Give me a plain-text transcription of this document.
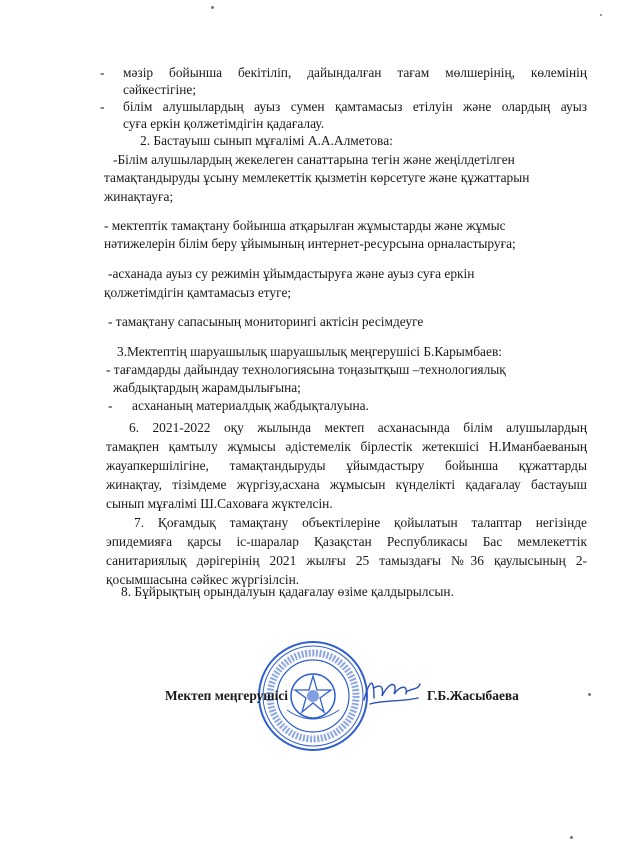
- мәзір бойынша бекітіліп, дайындалған тағам мөлшерінің, көлемінің
сәйкестігіне;
- білім алушылардың ауыз сумен қамтамасыз етілуін және олардың ауыз
суға еркін қолжетімдігін қадағалау.
2. Бастауыш сынып мұғалімі А.А.Алметова:
-Білім алушылардың жекелеген санаттарына тегін және жеңілдетілген
тамақтандыруды ұсыну мемлекеттік қызметін көрсетуге және құжаттарын
жинақтауға;
- мектептік тамақтану бойынша атқарылған жұмыстарды және жұмыс
нәтижелерін білім беру ұйымының интернет-ресурсына орналастыруға;
-асханада ауыз су режимін ұйымдастыруға және ауыз суға еркін
қолжетімдігін қамтамасыз етуге;
- тамақтану сапасының мониторингі актісін ресімдеуге
3.Мектептің шаруашылық шаруашылық меңгерушісі Б.Карымбаев:
- тағамдарды дайындау технологиясына тоңазытқыш –технологиялық
жабдықтардың жарамдылығына;
- асхананың материалдық жабдықталуына.
6. 2021-2022 оқу жылында мектеп асханасында білім алушылардың
тамақпен қамтылу жұмысы әдістемелік бірлестік жетекшісі Н.Иманбаеваның
жауапкершілігіне, тамақтандыруды ұйымдастыру бойынша құжаттарды
жинақтау, тізімдеме жүргізу,асхана жұмысын күнделікті қадағалау бастауыш
сынып мұғалімі Ш.Саховаға жүктелсін.
7. Қоғамдық тамақтану объектілеріне қойылатын талаптар негізінде
эпидемияға қарсы іс-шаралар Қазақстан Республикасы Бас мемлекеттік
санитариялық дәрігерінің 2021 жылғы 25 тамыздағы №36 қаулысының 2-
қосымшасына сәйкес жүргізілсін.
8. Бұйрықтың орындалуын қадағалау өзіме қалдырылсын.
Мектеп меңгерушісі	Г.Б.Жасыбаева
